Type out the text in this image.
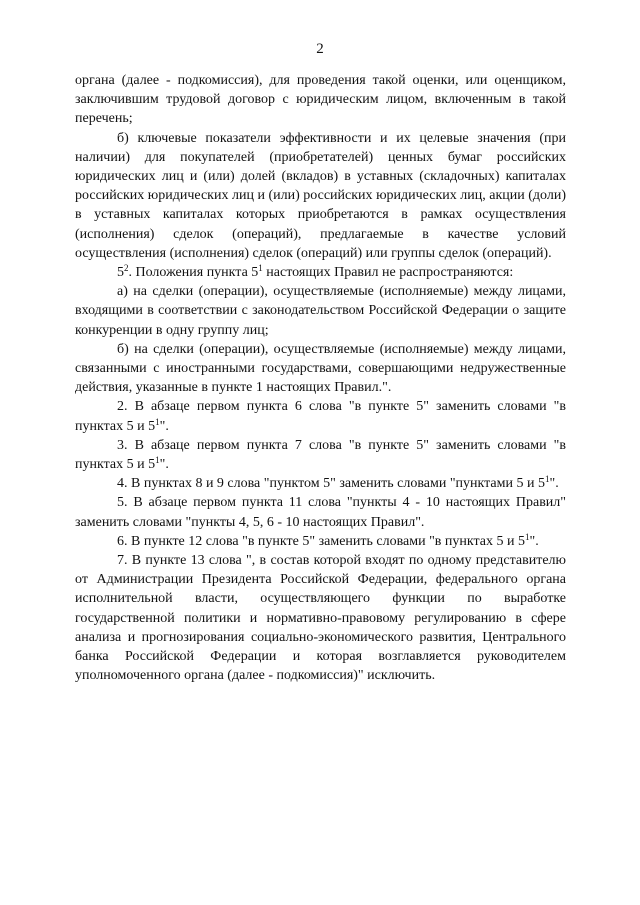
2

органа (далее - подкомиссия), для проведения такой оценки, или оценщиком, заключившим трудовой договор с юридическим лицом, включенным в такой перечень;

б) ключевые показатели эффективности и их целевые значения (при наличии) для покупателей (приобретателей) ценных бумаг российских юридических лиц и (или) долей (вкладов) в уставных (складочных) капиталах российских юридических лиц и (или) российских юридических лиц, акции (доли) в уставных капиталах которых приобретаются в рамках осуществления (исполнения) сделок (операций), предлагаемые в качестве условий осуществления (исполнения) сделок (операций) или группы сделок (операций).

$5^2$. Положения пункта $5^1$ настоящих Правил не распространяются:

а) на сделки (операции), осуществляемые (исполняемые) между лицами, входящими в соответствии с законодательством Российской Федерации о защите конкуренции в одну группу лиц;

б) на сделки (операции), осуществляемые (исполняемые) между лицами, связанными с иностранными государствами, совершающими недружественные действия, указанные в пункте 1 настоящих Правил.".

2. В абзаце первом пункта 6 слова "в пункте 5" заменить словами "в пунктах 5 и $5^1$".

3. В абзаце первом пункта 7 слова "в пункте 5" заменить словами "в пунктах 5 и $5^1$".

4. В пунктах 8 и 9 слова "пунктом 5" заменить словами "пунктами 5 и $5^1$".

5. В абзаце первом пункта 11 слова "пункты 4 - 10 настоящих Правил" заменить словами "пункты 4, 5, 6 - 10 настоящих Правил".

6. В пункте 12 слова "в пункте 5" заменить словами "в пунктах 5 и $5^1$".

7. В пункте 13 слова ", в состав которой входят по одному представителю от Администрации Президента Российской Федерации, федерального органа исполнительной власти, осуществляющего функции по выработке государственной политики и нормативно-правовому регулированию в сфере анализа и прогнозирования социально-экономического развития, Центрального банка Российской Федерации и которая возглавляется руководителем уполномоченного органа (далее - подкомиссия)" исключить.
